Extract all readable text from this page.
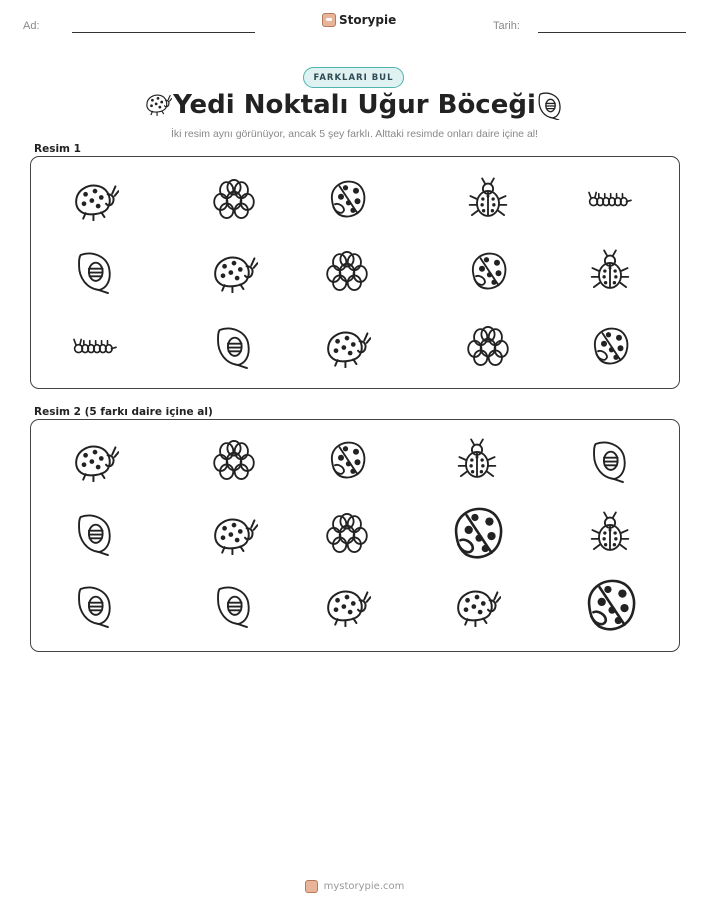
Ad:	Storypie	Tarih:
FARKLARI BUL
Yedi Noktalı Uğur Böceği
İki resim aynı görünüyor, ancak 5 şey farklı. Alttaki resimde onları daire içine al!
Resim 1
Resim 2 (5 farkı daire içine al)
mystorypie.com
